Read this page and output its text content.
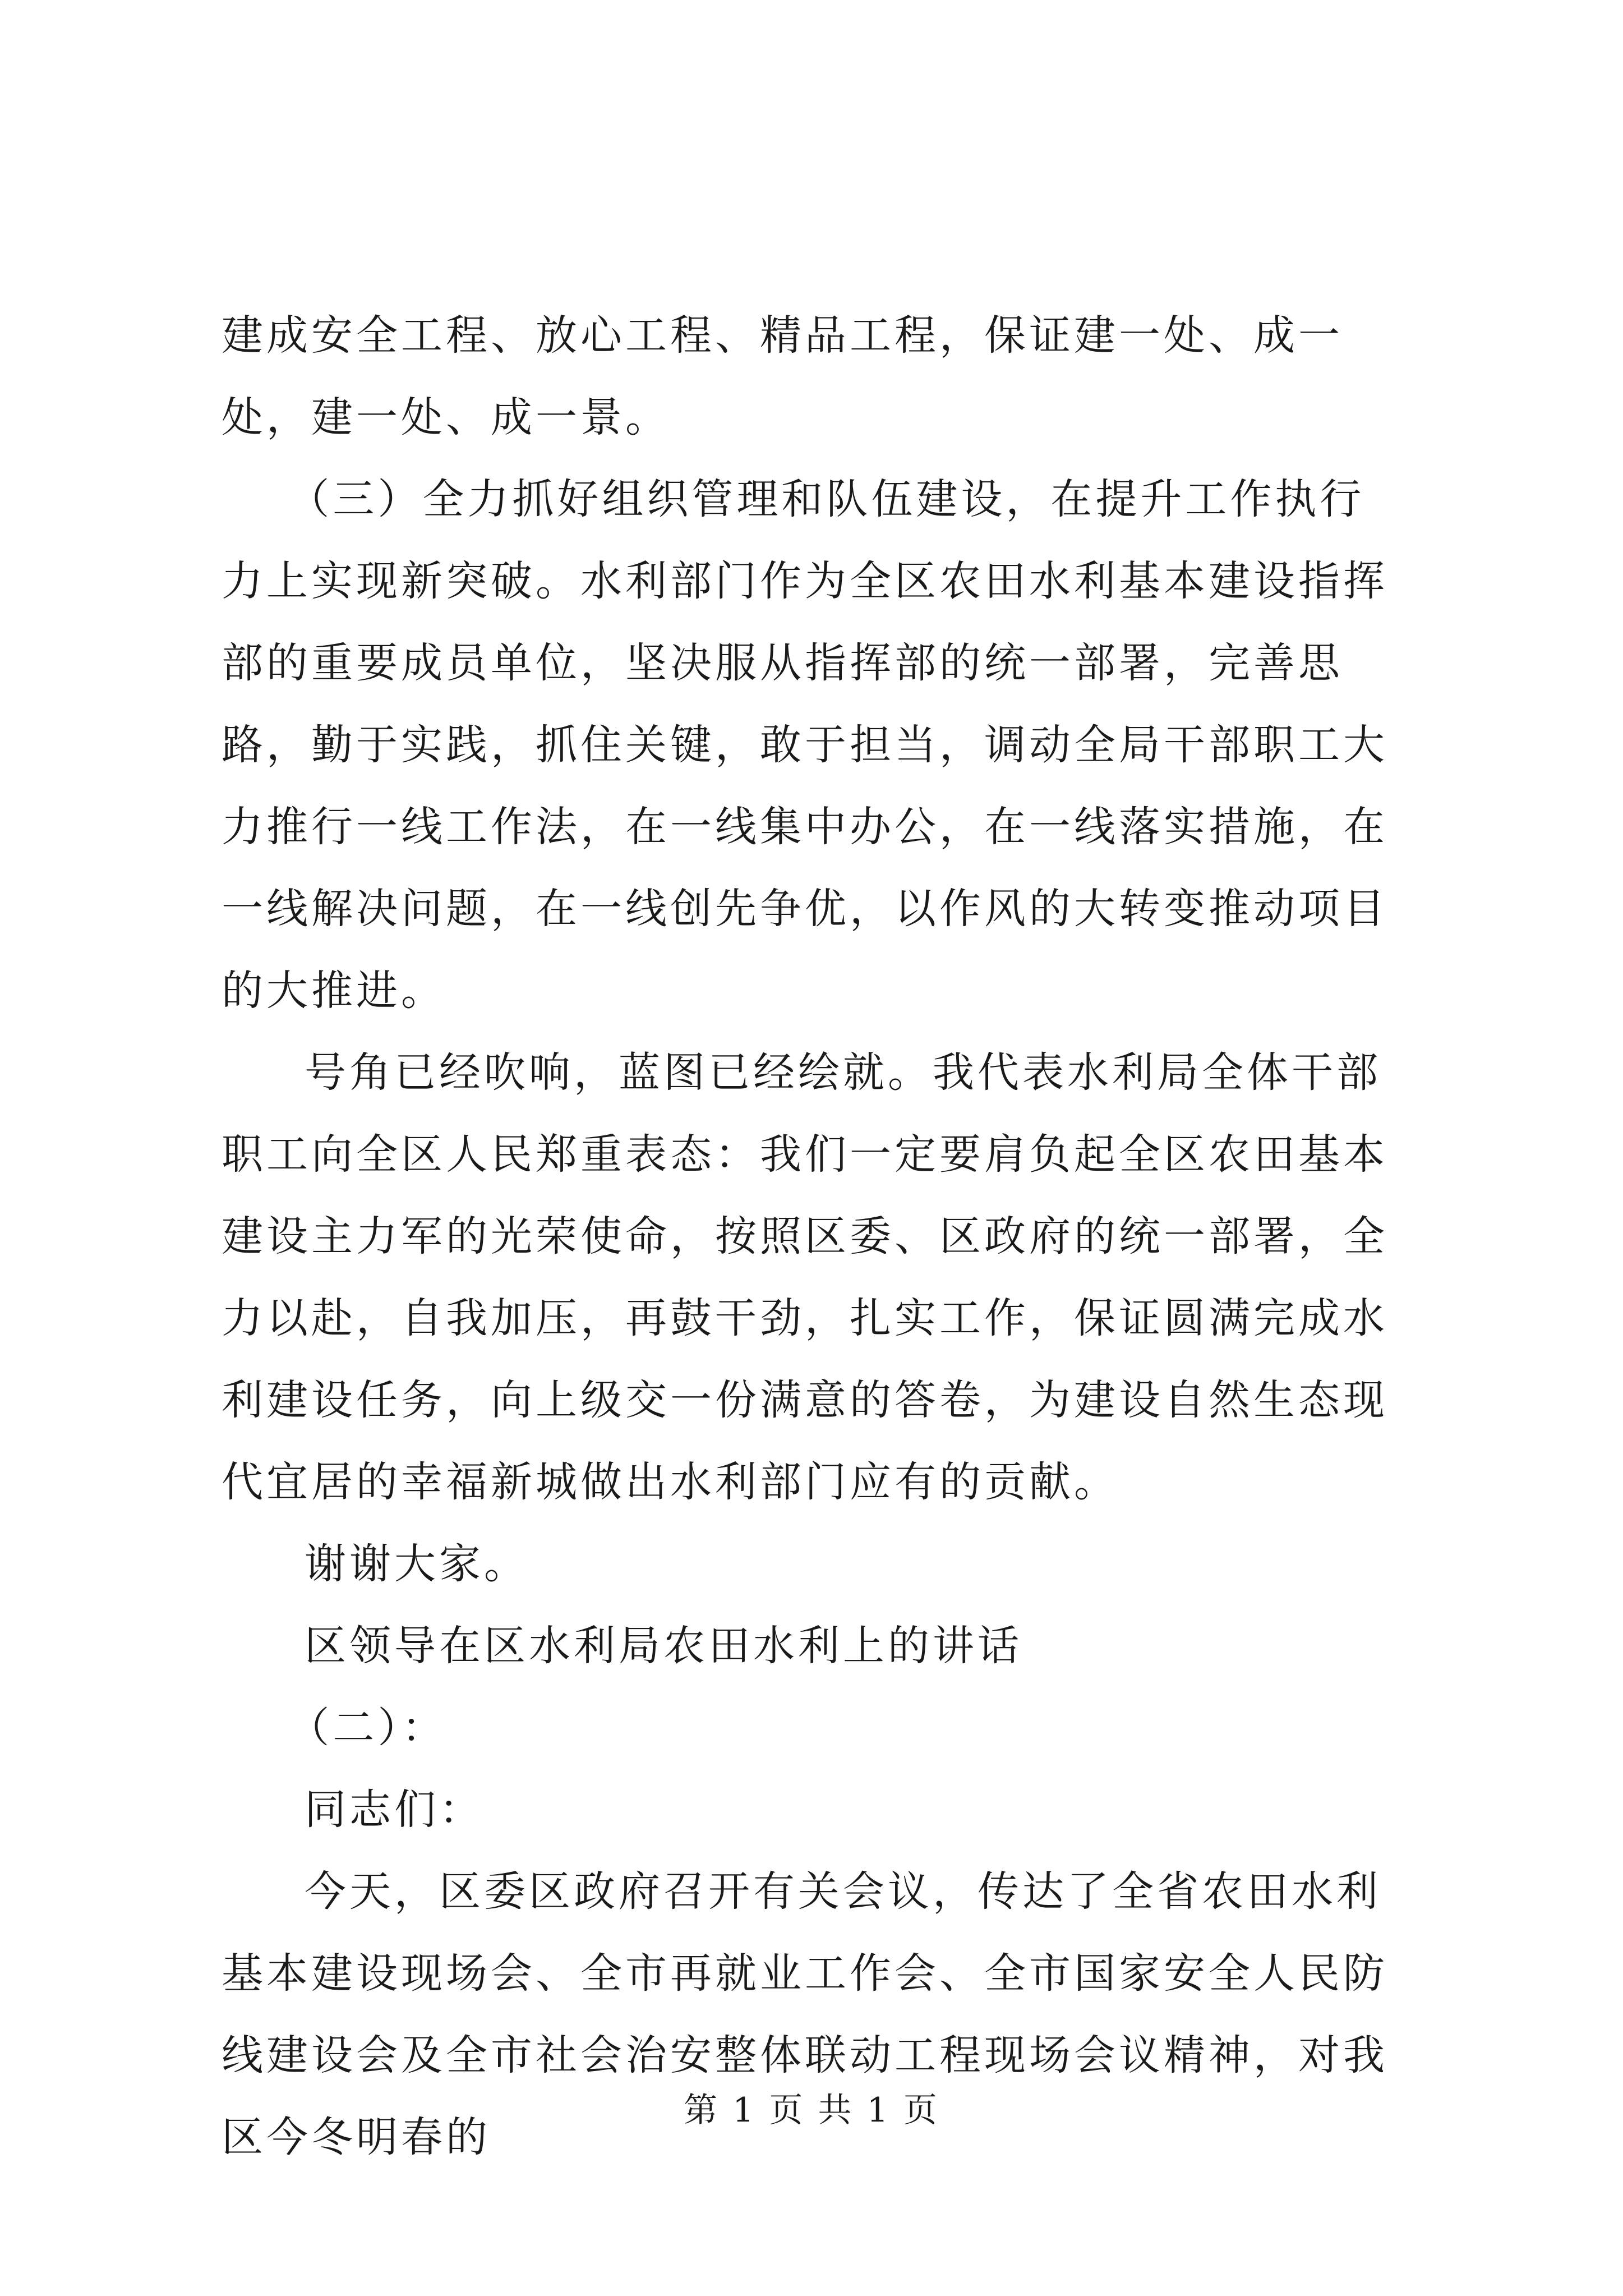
建成安全工程、放心工程、精品工程，保证建一处、成一处，建一处、成一景。

（三）全力抓好组织管理和队伍建设，在提升工作执行力上实现新突破。水利部门作为全区农田水利基本建设指挥部的重要成员单位，坚决服从指挥部的统一部署，完善思路，勤于实践，抓住关键，敢于担当，调动全局干部职工大力推行一线工作法，在一线集中办公，在一线落实措施，在一线解决问题，在一线创先争优，以作风的大转变推动项目的大推进。

号角已经吹响，蓝图已经绘就。我代表水利局全体干部职工向全区人民郑重表态：我们一定要肩负起全区农田基本建设主力军的光荣使命，按照区委、区政府的统一部署，全力以赴，自我加压，再鼓干劲，扎实工作，保证圆满完成水利建设任务，向上级交一份满意的答卷，为建设自然生态现代宜居的幸福新城做出水利部门应有的贡献。

谢谢大家。

区领导在区水利局农田水利上的讲话

（二）：

同志们：

今天，区委区政府召开有关会议，传达了全省农田水利基本建设现场会、全市再就业工作会、全市国家安全人民防线建设会及全市社会治安整体联动工程现场会议精神，对我区今冬明春的

第 1 页 共 1 页
